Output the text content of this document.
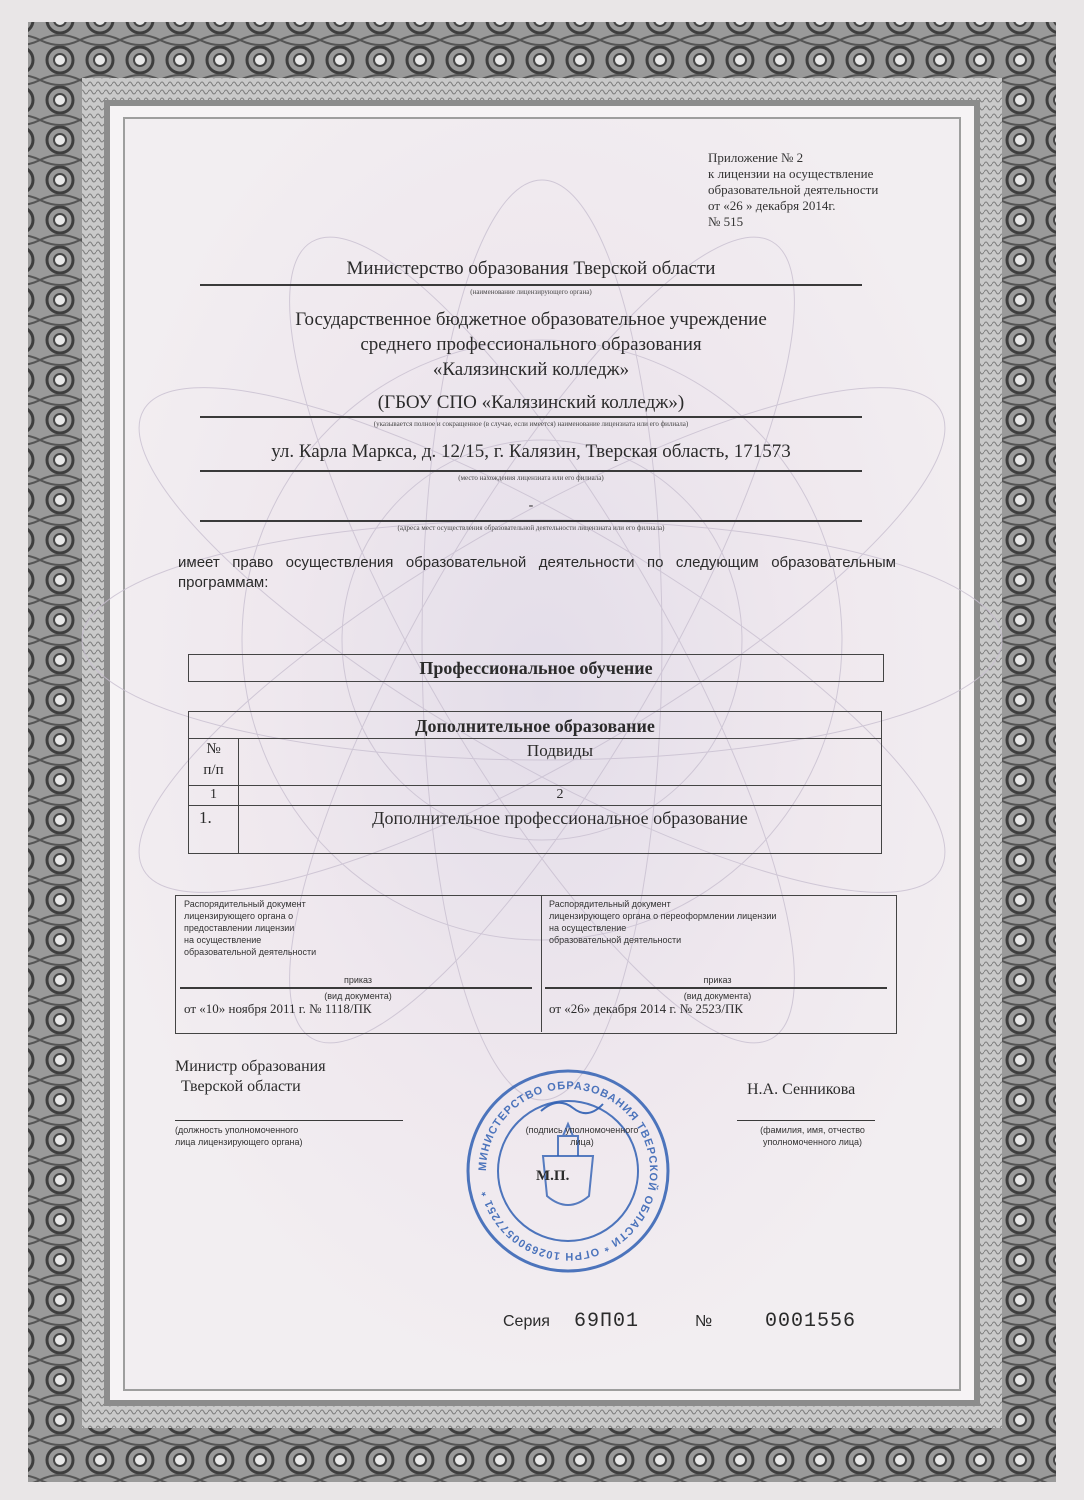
Приложение № 2
к лицензии на осуществление
образовательной деятельности
от «26 » декабря 2014г.
№ 515
Министерство образования Тверской области
(наименование лицензирующего органа)
Государственное бюджетное образовательное учреждение
среднего профессионального образования
«Калязинский колледж»
(ГБОУ СПО «Калязинский колледж»)
(указывается полное и сокращенное (в случае, если имеется) наименование лицензиата или его филиала)
ул. Карла Маркса, д. 12/15, г. Калязин, Тверская область, 171573
(место нахождения лицензиата или его филиала)
-
(адреса мест осуществления образовательной деятельности лицензиата или его филиала)
имеет право осуществления образовательной деятельности по следующим образовательным программам:
Профессиональное обучение
Дополнительное образование
№
п/п
Подвиды
1	2
1.	Дополнительное профессиональное образование
Распорядительный документ
лицензирующего органа о
предоставлении лицензии
на осуществление
образовательной деятельности
приказ
(вид документа)
от «10» ноября 2011 г. № 1118/ПК
Распорядительный документ
лицензирующего органа о переоформлении лицензии
на осуществление
образовательной деятельности
приказ
(вид документа)
от «26» декабря 2014 г. № 2523/ПК
Министр образования
Тверской области
(должность уполномоченного
лица лицензирующего органа)
Н.А. Сенникова
(фамилия, имя, отчество
уполномоченного лица)
МИНИСТЕРСТВО ОБРАЗОВАНИЯ ТВЕРСКОЙ ОБЛАСТИ * ОГРН 1026900577251 *
(подпись уполномоченного
лица)
М.П.
Серия 69П01	№	0001556
